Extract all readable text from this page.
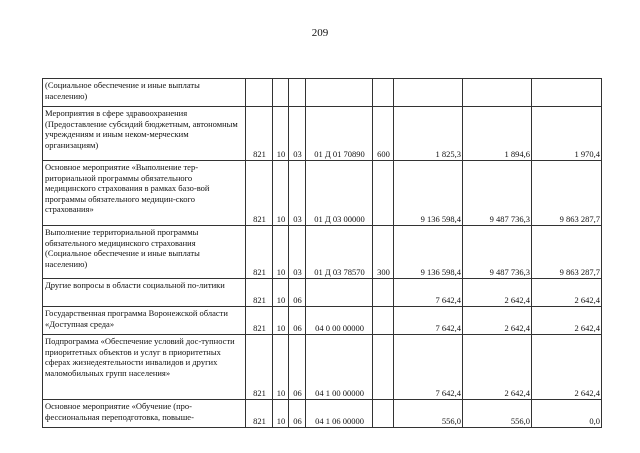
209
(Социальное обеспечение и иные выплаты населению)								
Мероприятия в сфере здравоохранения (Предоставление субсидий бюджетным, автономным учреждениям и иным неком-мерческим организациям)	821	10	03	01 Д 01 70890	600	1 825,3	1 894,6	1 970,4
Основное мероприятие «Выполнение тер-риториальной программы обязательного медицинского страхования в рамках базо-вой программы обязательного медицин-ского страхования»	821	10	03	01 Д 03 00000		9 136 598,4	9 487 736,3	9 863 287,7
Выполнение территориальной программы обязательного медицинского страхования (Социальное обеспечение и иные выплаты населению)	821	10	03	01 Д 03 78570	300	9 136 598,4	9 487 736,3	9 863 287,7
Другие вопросы в области социальной по-литики	821	10	06			7 642,4	2 642,4	2 642,4
Государственная программа Воронежской области «Доступная среда»	821	10	06	04 0 00 00000		7 642,4	2 642,4	2 642,4
Подпрограмма «Обеспечение условий дос-тупности приоритетных объектов и услуг в приоритетных сферах жизнедеятельности инвалидов и других маломобильных групп населения»	821	10	06	04 1 00 00000		7 642,4	2 642,4	2 642,4
Основное мероприятие «Обучение (про-фессиональная переподготовка, повыше-	821	10	06	04 1 06 00000		556,0	556,0	0,0
